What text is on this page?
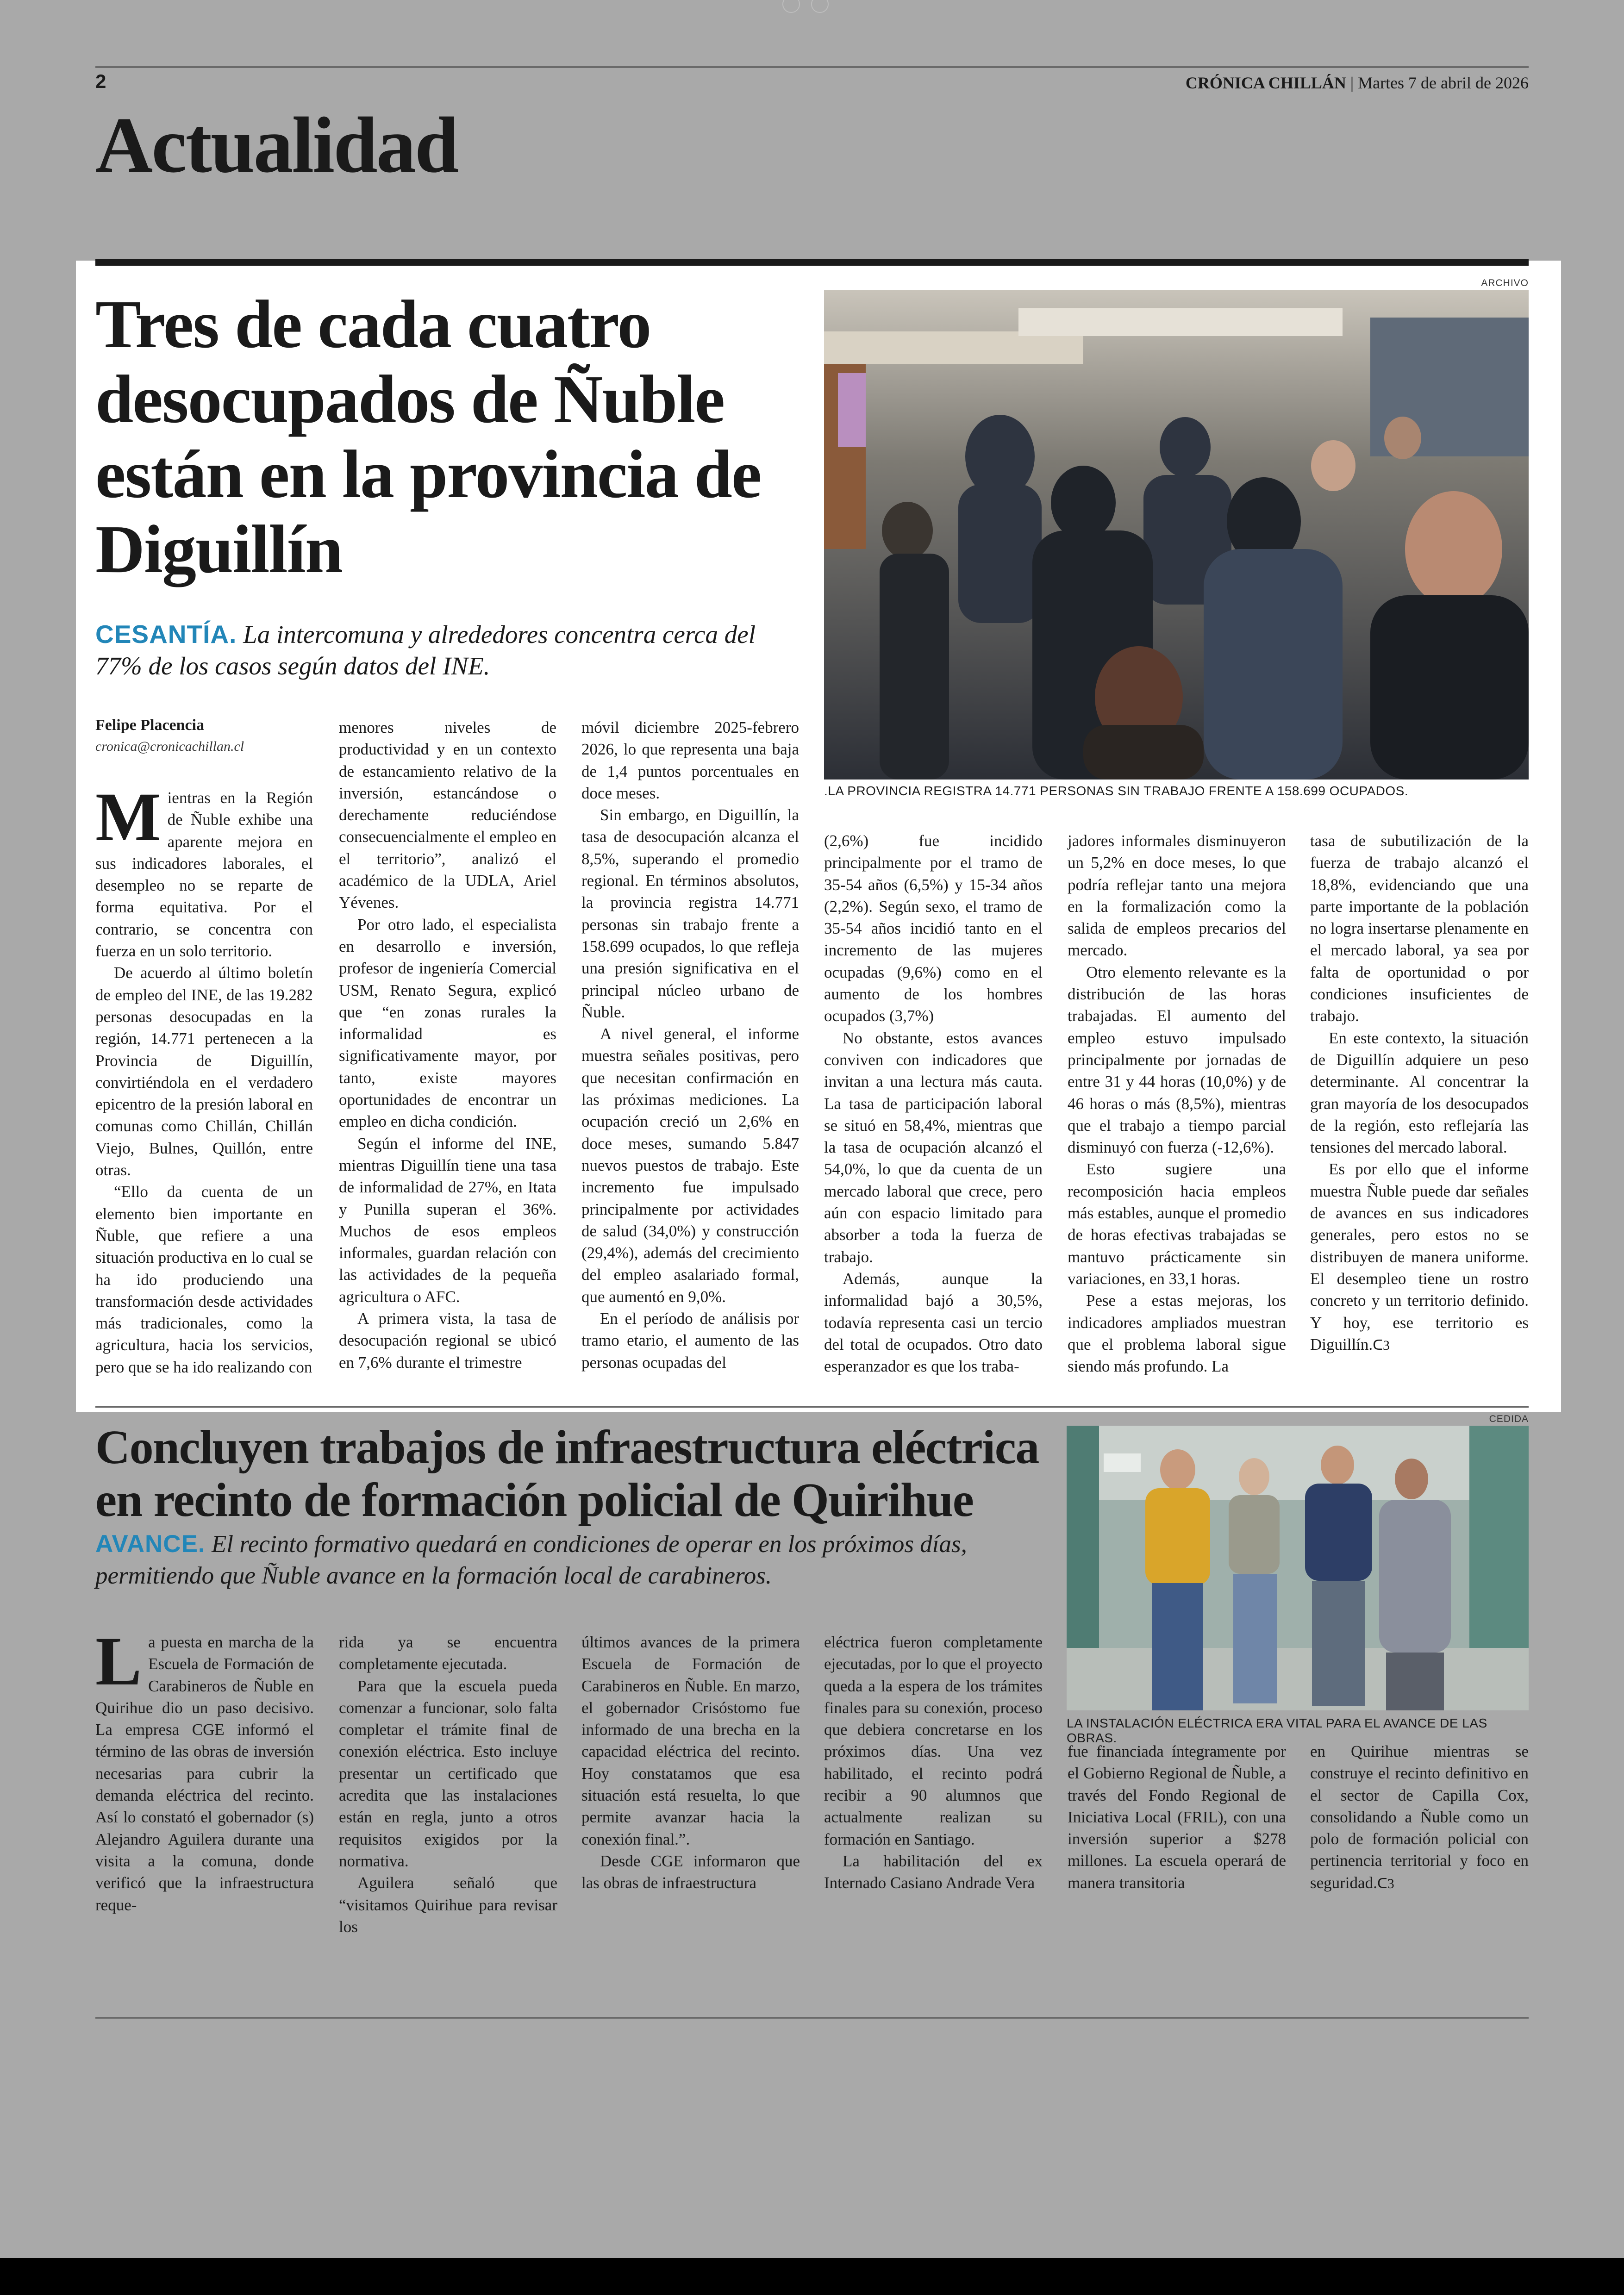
2	CRÓNICA CHILLÁN | Martes 7 de abril de 2026
Actualidad
ARCHIVO
Tres de cada cuatro desocupados de Ñuble están en la provincia de Diguillín
CESANTÍA. La intercomuna y alrededores concentra cerca del 77% de los casos según datos del INE.
Felipe Placencia
cronica@cronicachillan.cl

Mientras en la Región de Ñuble exhibe una aparente mejora en sus indicadores laborales, el desempleo no se reparte de forma equitativa. Por el contrario, se concentra con fuerza en un solo territorio.

De acuerdo al último boletín de empleo del INE, de las 19.282 personas desocupadas en la región, 14.771 pertenecen a la Provincia de Diguillín, convirtiéndola en el verdadero epicentro de la presión laboral en comunas como Chillán, Chillán Viejo, Bulnes, Quillón, entre otras.

“Ello da cuenta de un elemento bien importante en Ñuble, que refiere a una situación productiva en lo cual se ha ido produciendo una transformación desde actividades más tradicionales, como la agricultura, hacia los servicios, pero que se ha ido realizando con

menores niveles de productividad y en un contexto de estancamiento relativo de la inversión, estancándose o derechamente reduciéndose consecuencialmente el empleo en el territorio”, analizó el académico de la UDLA, Ariel Yévenes.

Por otro lado, el especialista en desarrollo e inversión, profesor de ingeniería Comercial USM, Renato Segura, explicó que “en zonas rurales la informalidad es significativamente mayor, por tanto, existe mayores oportunidades de encontrar un empleo en dicha condición.

Según el informe del INE, mientras Diguillín tiene una tasa de informalidad de 27%, en Itata y Punilla superan el 36%. Muchos de esos empleos informales, guardan relación con las actividades de la pequeña agricultura o AFC.

A primera vista, la tasa de desocupación regional se ubicó en 7,6% durante el trimestre

móvil diciembre 2025-febrero 2026, lo que representa una baja de 1,4 puntos porcentuales en doce meses.

Sin embargo, en Diguillín, la tasa de desocupación alcanza el 8,5%, superando el promedio regional. En términos absolutos, la provincia registra 14.771 personas sin trabajo frente a 158.699 ocupados, lo que refleja una presión significativa en el principal núcleo urbano de Ñuble.

A nivel general, el informe muestra señales positivas, pero que necesitan confirmación en las próximas mediciones. La ocupación creció un 2,6% en doce meses, sumando 5.847 nuevos puestos de trabajo. Este incremento fue impulsado principalmente por actividades de salud (34,0%) y construcción (29,4%), además del crecimiento del empleo asalariado formal, que aumentó en 9,0%.

En el período de análisis por tramo etario, el aumento de las personas ocupadas del

.LA PROVINCIA REGISTRA 14.771 PERSONAS SIN TRABAJO FRENTE A 158.699 OCUPADOS.

(2,6%) fue incidido principalmente por el tramo de 35-54 años (6,5%) y 15-34 años (2,2%). Según sexo, el tramo de 35-54 años incidió tanto en el incremento de las mujeres ocupadas (9,6%) como en el aumento de los hombres ocupados (3,7%)

No obstante, estos avances conviven con indicadores que invitan a una lectura más cauta. La tasa de participación laboral se situó en 58,4%, mientras que la tasa de ocupación alcanzó el 54,0%, lo que da cuenta de un mercado laboral que crece, pero aún con espacio limitado para absorber a toda la fuerza de trabajo.

Además, aunque la informalidad bajó a 30,5%, todavía representa casi un tercio del total de ocupados. Otro dato esperanzador es que los traba-

jadores informales disminuyeron un 5,2% en doce meses, lo que podría reflejar tanto una mejora en la formalización como la salida de empleos precarios del mercado.

Otro elemento relevante es la distribución de las horas trabajadas. El aumento del empleo estuvo impulsado principalmente por jornadas de entre 31 y 44 horas (10,0%) y de 46 horas o más (8,5%), mientras que el trabajo a tiempo parcial disminuyó con fuerza (-12,6%).

Esto sugiere una recomposición hacia empleos más estables, aunque el promedio de horas efectivas trabajadas se mantuvo prácticamente sin variaciones, en 33,1 horas.

Pese a estas mejoras, los indicadores ampliados muestran que el problema laboral sigue siendo más profundo. La

tasa de subutilización de la fuerza de trabajo alcanzó el 18,8%, evidenciando que una parte importante de la población no logra insertarse plenamente en el mercado laboral, ya sea por falta de oportunidad o por condiciones insuficientes de trabajo.

En este contexto, la situación de Diguillín adquiere un peso determinante. Al concentrar la gran mayoría de los desocupados de la región, esto reflejaría las tensiones del mercado laboral.

Es por ello que el informe muestra Ñuble puede dar señales de avances en sus indicadores generales, pero estos no se distribuyen de manera uniforme. El desempleo tiene un rostro concreto y un territorio definido. Y hoy, ese territorio es Diguillín.ᑕ3

CEDIDA
Concluyen trabajos de infraestructura eléctrica en recinto de formación policial de Quirihue
AVANCE. El recinto formativo quedará en condiciones de operar en los próximos días, permitiendo que Ñuble avance en la formación local de carabineros.
LA INSTALACIÓN ELÉCTRICA ERA VITAL PARA EL AVANCE DE LAS OBRAS.

La puesta en marcha de la Escuela de Formación de Carabineros de Ñuble en Quirihue dio un paso decisivo. La empresa CGE informó el término de las obras de inversión necesarias para cubrir la demanda eléctrica del recinto. Así lo constató el gobernador (s) Alejandro Aguilera durante una visita a la comuna, donde verificó que la infraestructura reque-

rida ya se encuentra completamente ejecutada.

Para que la escuela pueda comenzar a funcionar, solo falta completar el trámite final de conexión eléctrica. Esto incluye presentar un certificado que acredita que las instalaciones están en regla, junto a otros requisitos exigidos por la normativa.

Aguilera señaló que “visitamos Quirihue para revisar los

últimos avances de la primera Escuela de Formación de Carabineros en Ñuble. En marzo, el gobernador Crisóstomo fue informado de una brecha en la capacidad eléctrica del recinto. Hoy constatamos que esa situación está resuelta, lo que permite avanzar hacia la conexión final.”.

Desde CGE informaron que las obras de infraestructura

eléctrica fueron completamente ejecutadas, por lo que el proyecto queda a la espera de los trámites finales para su conexión, proceso que debiera concretarse en los próximos días. Una vez habilitado, el recinto podrá recibir a 90 alumnos que actualmente realizan su formación en Santiago.

La habilitación del ex Internado Casiano Andrade Vera

fue financiada íntegramente por el Gobierno Regional de Ñuble, a través del Fondo Regional de Iniciativa Local (FRIL), con una inversión superior a $278 millones. La escuela operará de manera transitoria

en Quirihue mientras se construye el recinto definitivo en el sector de Capilla Cox, consolidando a Ñuble como un polo de formación policial con pertinencia territorial y foco en seguridad.ᑕ3
